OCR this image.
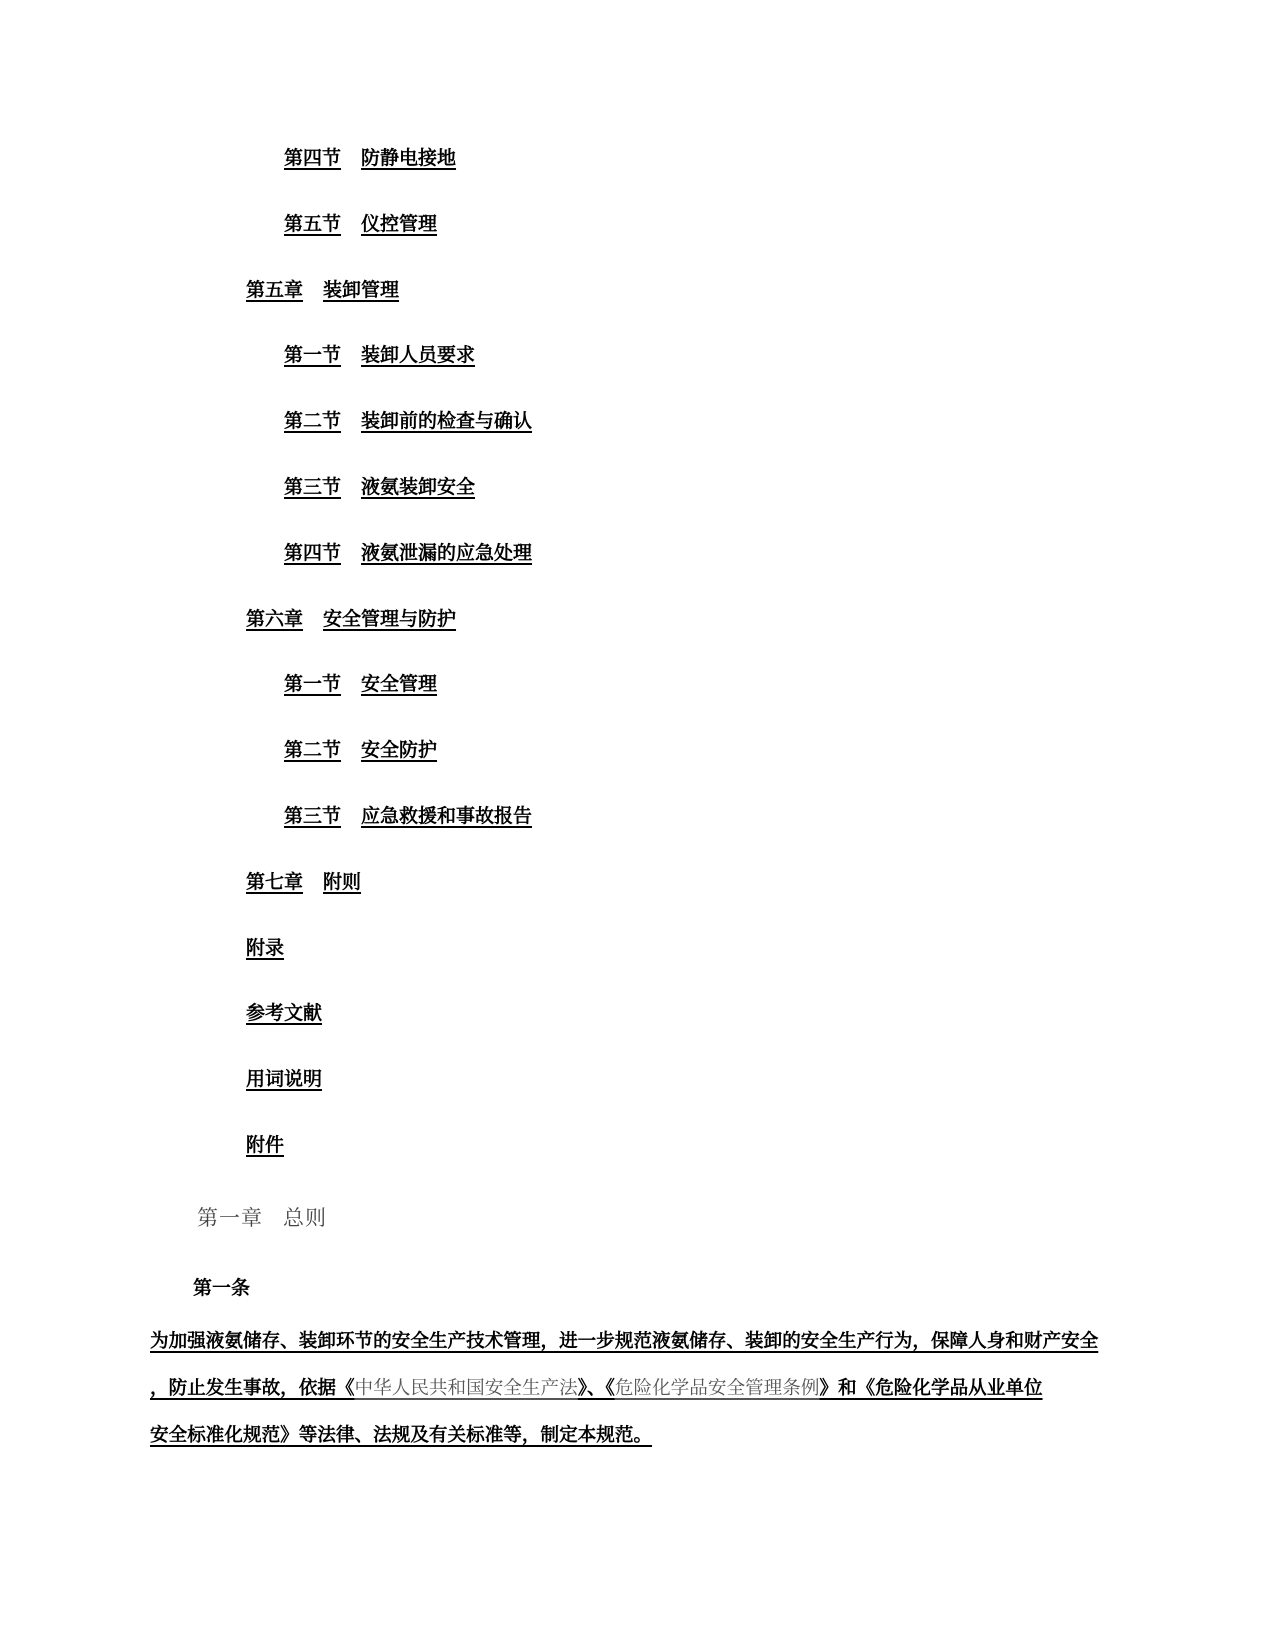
第四节 防静电接地
第五节 仪控管理
第五章 装卸管理
第一节 装卸人员要求
第二节 装卸前的检查与确认
第三节 液氨装卸安全
第四节 液氨泄漏的应急处理
第六章 安全管理与防护
第一节 安全管理
第二节 安全防护
第三节 应急救援和事故报告
第七章 附则
附录
参考文献
用词说明
附件
第一章 总则
第一条
为加强液氨储存、装卸环节的安全生产技术管理，进一步规范液氨储存、装卸的安全生产行为，保障人身和财产安全
，防止发生事故，依据《中华人民共和国安全生产法》、《危险化学品安全管理条例》和《危险化学品从业单位
安全标准化规范》等法律、法规及有关标准等，制定本规范。
